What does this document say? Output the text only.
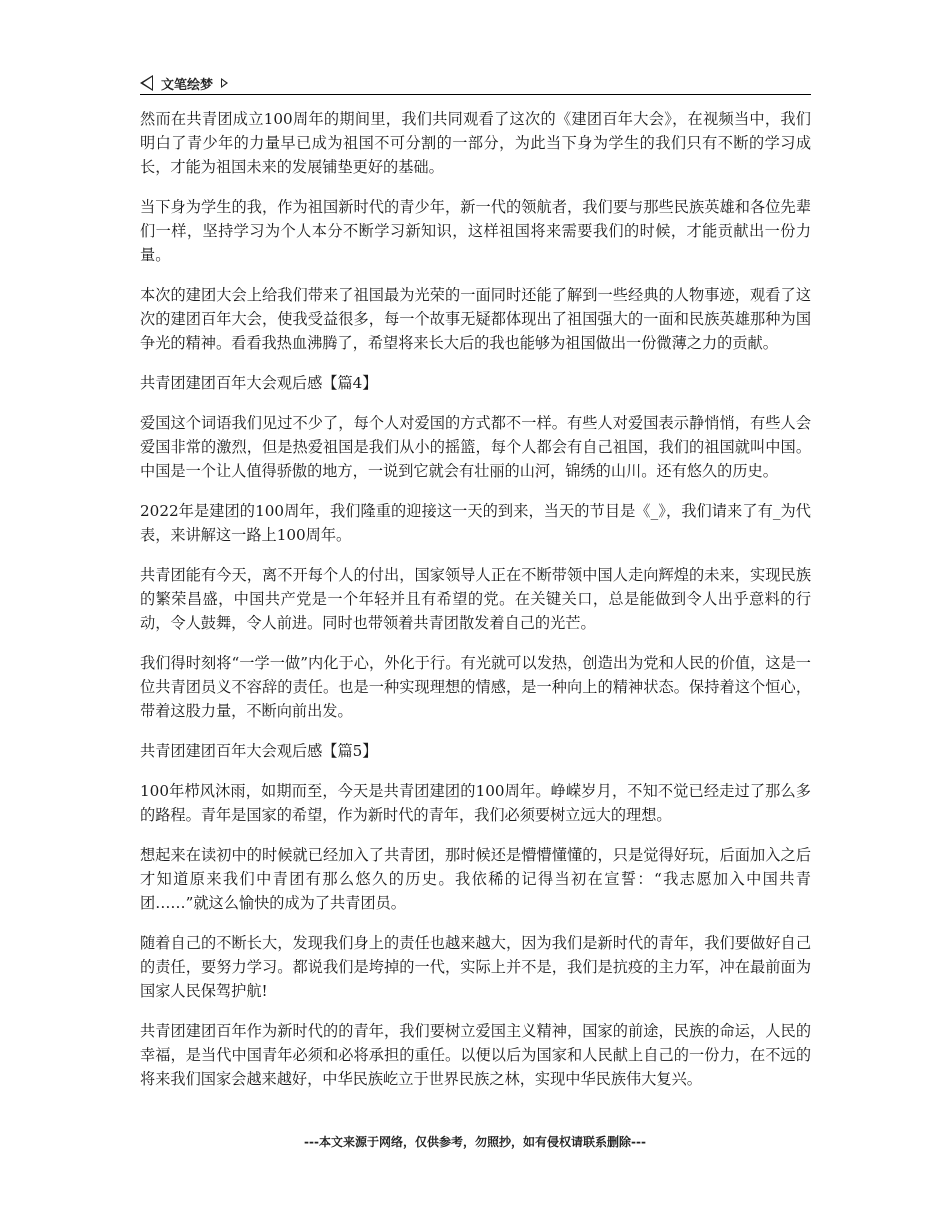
文笔绘梦

然而在共青团成立100周年的期间里，我们共同观看了这次的《建团百年大会》，在视频当中，我们明白了青少年的力量早已成为祖国不可分割的一部分，为此当下身为学生的我们只有不断的学习成长，才能为祖国未来的发展铺垫更好的基础。

当下身为学生的我，作为祖国新时代的青少年，新一代的领航者，我们要与那些民族英雄和各位先辈们一样，坚持学习为个人本分不断学习新知识，这样祖国将来需要我们的时候，才能贡献出一份力量。

本次的建团大会上给我们带来了祖国最为光荣的一面同时还能了解到一些经典的人物事迹，观看了这次的建团百年大会，使我受益很多，每一个故事无疑都体现出了祖国强大的一面和民族英雄那种为国争光的精神。看看我热血沸腾了，希望将来长大后的我也能够为祖国做出一份微薄之力的贡献。

共青团建团百年大会观后感【篇4】

爱国这个词语我们见过不少了，每个人对爱国的方式都不一样。有些人对爱国表示静悄悄，有些人会爱国非常的激烈，但是热爱祖国是我们从小的摇篮，每个人都会有自己祖国，我们的祖国就叫中国。中国是一个让人值得骄傲的地方，一说到它就会有壮丽的山河，锦绣的山川。还有悠久的历史。

2022年是建团的100周年，我们隆重的迎接这一天的到来，当天的节目是《_》，我们请来了有_为代表，来讲解这一路上100周年。

共青团能有今天，离不开每个人的付出，国家领导人正在不断带领中国人走向辉煌的未来，实现民族的繁荣昌盛，中国共产党是一个年轻并且有希望的党。在关键关口，总是能做到令人出乎意料的行动，令人鼓舞，令人前进。同时也带领着共青团散发着自己的光芒。

我们得时刻将“一学一做”内化于心，外化于行。有光就可以发热，创造出为党和人民的价值，这是一位共青团员义不容辞的责任。也是一种实现理想的情感，是一种向上的精神状态。保持着这个恒心，带着这股力量，不断向前出发。

共青团建团百年大会观后感【篇5】

100年栉风沐雨，如期而至，今天是共青团建团的100周年。峥嵘岁月，不知不觉已经走过了那么多的路程。青年是国家的希望，作为新时代的青年，我们必须要树立远大的理想。

想起来在读初中的时候就已经加入了共青团，那时候还是懵懵懂懂的，只是觉得好玩，后面加入之后才知道原来我们中青团有那么悠久的历史。我依稀的记得当初在宣誓：“我志愿加入中国共青团……”就这么愉快的成为了共青团员。

随着自己的不断长大，发现我们身上的责任也越来越大，因为我们是新时代的青年，我们要做好自己的责任，要努力学习。都说我们是垮掉的一代，实际上并不是，我们是抗疫的主力军，冲在最前面为国家人民保驾护航!

共青团建团百年作为新时代的的青年，我们要树立爱国主义精神，国家的前途，民族的命运，人民的幸福，是当代中国青年必须和必将承担的重任。以便以后为国家和人民献上自己的一份力，在不远的将来我们国家会越来越好，中华民族屹立于世界民族之林，实现中华民族伟大复兴。

---本文来源于网络，仅供参考，勿照抄，如有侵权请联系删除---
